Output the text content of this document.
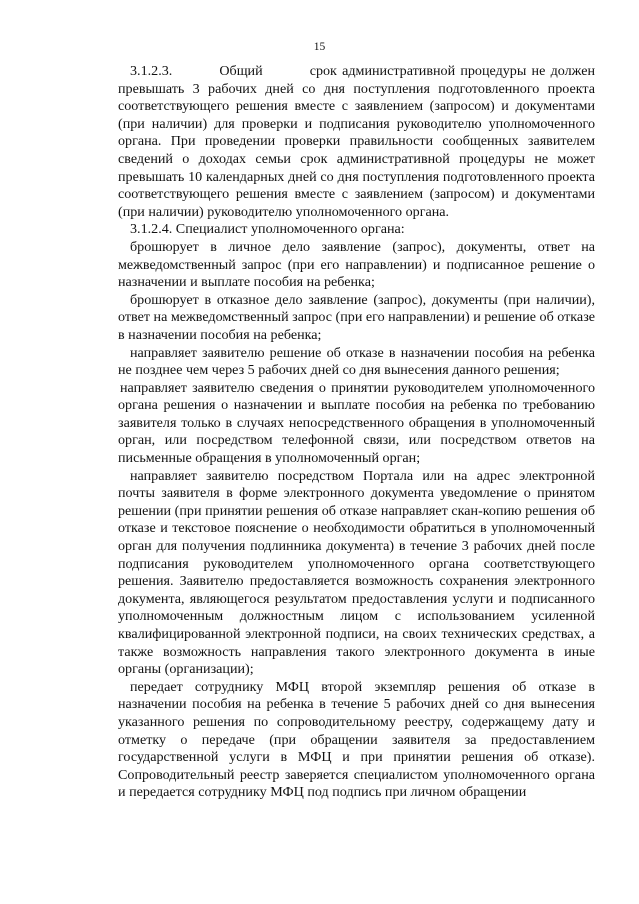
15

3.1.2.3.         Общий         срок административной процедуры не должен превышать 3 рабочих дней со дня поступления подготовленного проекта соответствующего решения вместе с заявлением (запросом) и документами (при наличии) для проверки и подписания руководителю уполномоченного органа. При проведении проверки правильности сообщенных заявителем сведений о доходах семьи срок административной процедуры не может превышать 10 календарных дней со дня поступления подготовленного проекта соответствующего решения вместе с заявлением (запросом) и документами (при наличии) руководителю уполномоченного органа.

3.1.2.4. Специалист уполномоченного органа:

брошюрует в личное дело заявление (запрос), документы, ответ на межведомственный запрос (при его направлении) и подписанное решение о назначении и выплате пособия на ребенка;

брошюрует в отказное дело заявление (запрос), документы (при наличии), ответ на межведомственный запрос (при его направлении) и решение об отказе в назначении пособия на ребенка;

направляет заявителю решение об отказе в назначении пособия на ребенка не позднее чем через 5 рабочих дней со дня вынесения данного решения;

направляет заявителю сведения о принятии руководителем уполномоченного органа решения о назначении и выплате пособия на ребенка по требованию заявителя только в случаях непосредственного обращения в уполномоченный орган, или посредством телефонной связи, или посредством ответов на письменные обращения в уполномоченный орган;

направляет заявителю посредством Портала или на адрес электронной почты заявителя в форме электронного документа уведомление о принятом решении (при принятии решения об отказе направляет скан-копию решения об отказе и текстовое пояснение о необходимости обратиться в уполномоченный орган для получения подлинника документа) в течение 3 рабочих дней после подписания руководителем уполномоченного органа соответствующего решения. Заявителю предоставляется возможность сохранения электронного документа, являющегося результатом предоставления услуги и подписанного уполномоченным должностным лицом с использованием усиленной квалифицированной электронной подписи, на своих технических средствах, а также возможность направления такого электронного документа в иные органы (организации);

передает сотруднику МФЦ второй экземпляр решения об отказе в назначении пособия на ребенка в течение 5 рабочих дней со дня вынесения указанного решения по сопроводительному реестру, содержащему дату и отметку о передаче (при обращении заявителя за предоставлением государственной услуги в МФЦ и при принятии решения об отказе). Сопроводительный реестр заверяется специалистом уполномоченного органа и передается сотруднику МФЦ под подпись при личном обращении
